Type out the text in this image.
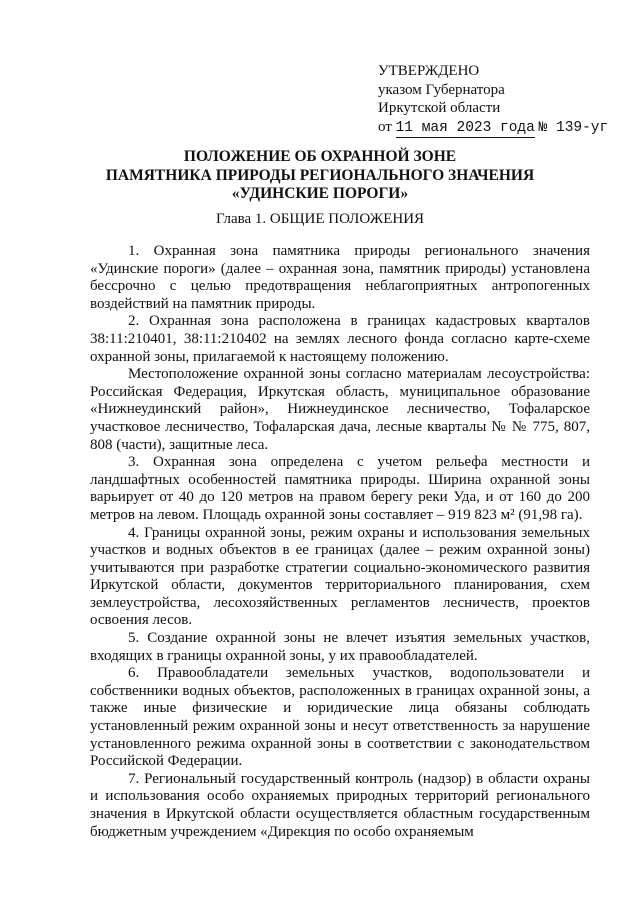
УТВЕРЖДЕНО
указом Губернатора
Иркутской области
от 11 мая 2023 года № 139-уг
ПОЛОЖЕНИЕ ОБ ОХРАННОЙ ЗОНЕ
ПАМЯТНИКА ПРИРОДЫ РЕГИОНАЛЬНОГО ЗНАЧЕНИЯ
«УДИНСКИЕ ПОРОГИ»
Глава 1. ОБЩИЕ ПОЛОЖЕНИЯ

1. Охранная зона памятника природы регионального значения «Удинские пороги» (далее – охранная зона, памятник природы) установлена бессрочно с целью предотвращения неблагоприятных антропогенных воздействий на памятник природы.

2. Охранная зона расположена в границах кадастровых кварталов 38:11:210401, 38:11:210402 на землях лесного фонда согласно карте-схеме охранной зоны, прилагаемой к настоящему положению.

Местоположение охранной зоны согласно материалам лесоустройства: Российская Федерация, Иркутская область, муниципальное образование «Нижнеудинский район», Нижнеудинское лесничество, Тофаларское участковое лесничество, Тофаларская дача, лесные кварталы № № 775, 807, 808 (части), защитные леса.

3. Охранная зона определена с учетом рельефа местности и ландшафтных особенностей памятника природы. Ширина охранной зоны варьирует от 40 до 120 метров на правом берегу реки Уда, и от 160 до 200 метров на левом. Площадь охранной зоны составляет – 919 823 м² (91,98 га).

4. Границы охранной зоны, режим охраны и использования земельных участков и водных объектов в ее границах (далее – режим охранной зоны) учитываются при разработке стратегии социально-экономического развития Иркутской области, документов территориального планирования, схем землеустройства, лесохозяйственных регламентов лесничеств, проектов освоения лесов.

5. Создание охранной зоны не влечет изъятия земельных участков, входящих в границы охранной зоны, у их правообладателей.

6. Правообладатели земельных участков, водопользователи и собственники водных объектов, расположенных в границах охранной зоны, а также иные физические и юридические лица обязаны соблюдать установленный режим охранной зоны и несут ответственность за нарушение установленного режима охранной зоны в соответствии с законодательством Российской Федерации.

7. Региональный государственный контроль (надзор) в области охраны и использования особо охраняемых природных территорий регионального значения в Иркутской области осуществляется областным государственным бюджетным учреждением «Дирекция по особо охраняемым
